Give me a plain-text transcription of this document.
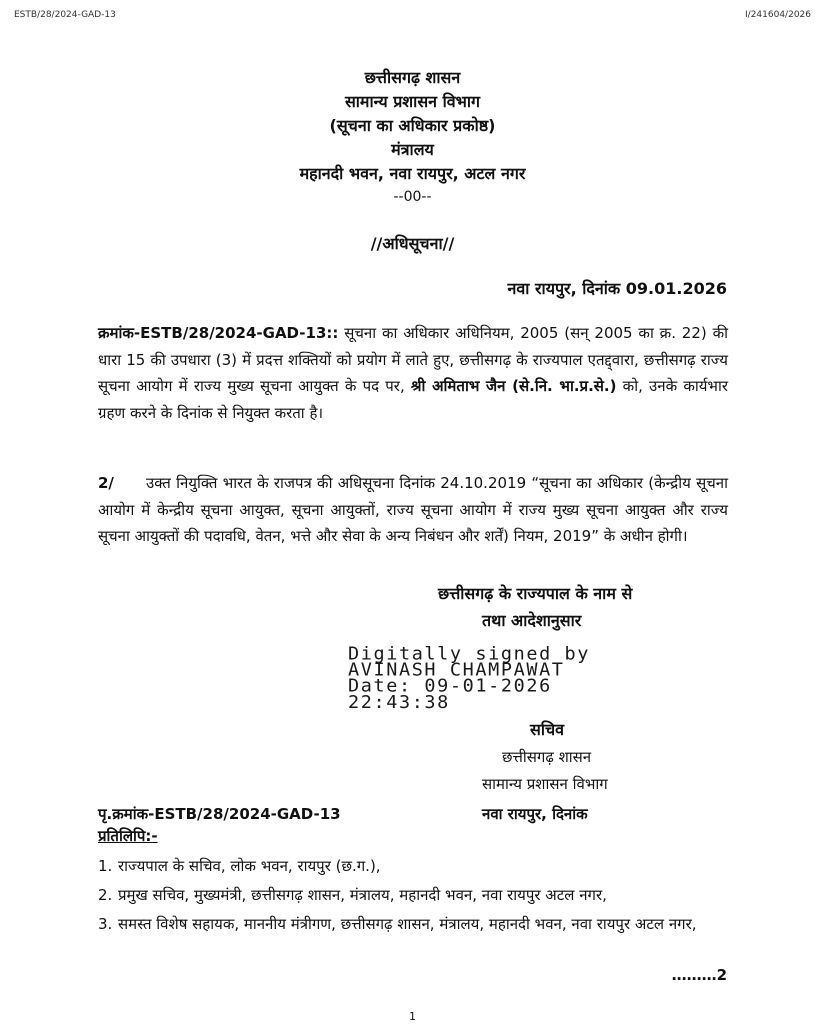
ESTB/28/2024-GAD-13	I/241604/2026
छत्तीसगढ़ शासन
सामान्य प्रशासन विभाग
(सूचना का अधिकार प्रकोष्ठ)
मंत्रालय
महानदी भवन, नवा रायपुर, अटल नगर
--00--
//अधिसूचना//
नवा रायपुर, दिनांक 09.01.2026
क्रमांक-ESTB/28/2024-GAD-13:: सूचना का अधिकार अधिनियम, 2005 (सन् 2005 का क्र. 22) की धारा 15 की उपधारा (3) में प्रदत्त शक्तियों को प्रयोग में लाते हुए, छत्तीसगढ़ के राज्यपाल एतद्द्वारा, छत्तीसगढ़ राज्य सूचना आयोग में राज्य मुख्य सूचना आयुक्त के पद पर, श्री अमिताभ जैन (से.नि. भा.प्र.से.) को, उनके कार्यभार ग्रहण करने के दिनांक से नियुक्त करता है।
2/ उक्त नियुक्ति भारत के राजपत्र की अधिसूचना दिनांक 24.10.2019 “सूचना का अधिकार (केन्द्रीय सूचना आयोग में केन्द्रीय सूचना आयुक्त, सूचना आयुक्तों, राज्य सूचना आयोग में राज्य मुख्य सूचना आयुक्त और राज्य सूचना आयुक्तों की पदावधि, वेतन, भत्ते और सेवा के अन्य निबंधन और शर्तें) नियम, 2019” के अधीन होगी।
छत्तीसगढ़ के राज्यपाल के नाम से
तथा आदेशानुसार
Digitally signed by
AVINASH CHAMPAWAT
Date: 09-01-2026
22:43:38
सचिव
छत्तीसगढ़ शासन
सामान्य प्रशासन विभाग
पृ.क्रमांक-ESTB/28/2024-GAD-13	नवा रायपुर, दिनांक
प्रतिलिपि:-
1. राज्यपाल के सचिव, लोक भवन, रायपुर (छ.ग.),
2. प्रमुख सचिव, मुख्यमंत्री, छत्तीसगढ़ शासन, मंत्रालय, महानदी भवन, नवा रायपुर अटल नगर,
3. समस्त विशेष सहायक, माननीय मंत्रीगण, छत्तीसगढ़ शासन, मंत्रालय, महानदी भवन, नवा रायपुर अटल नगर,
………2
1
